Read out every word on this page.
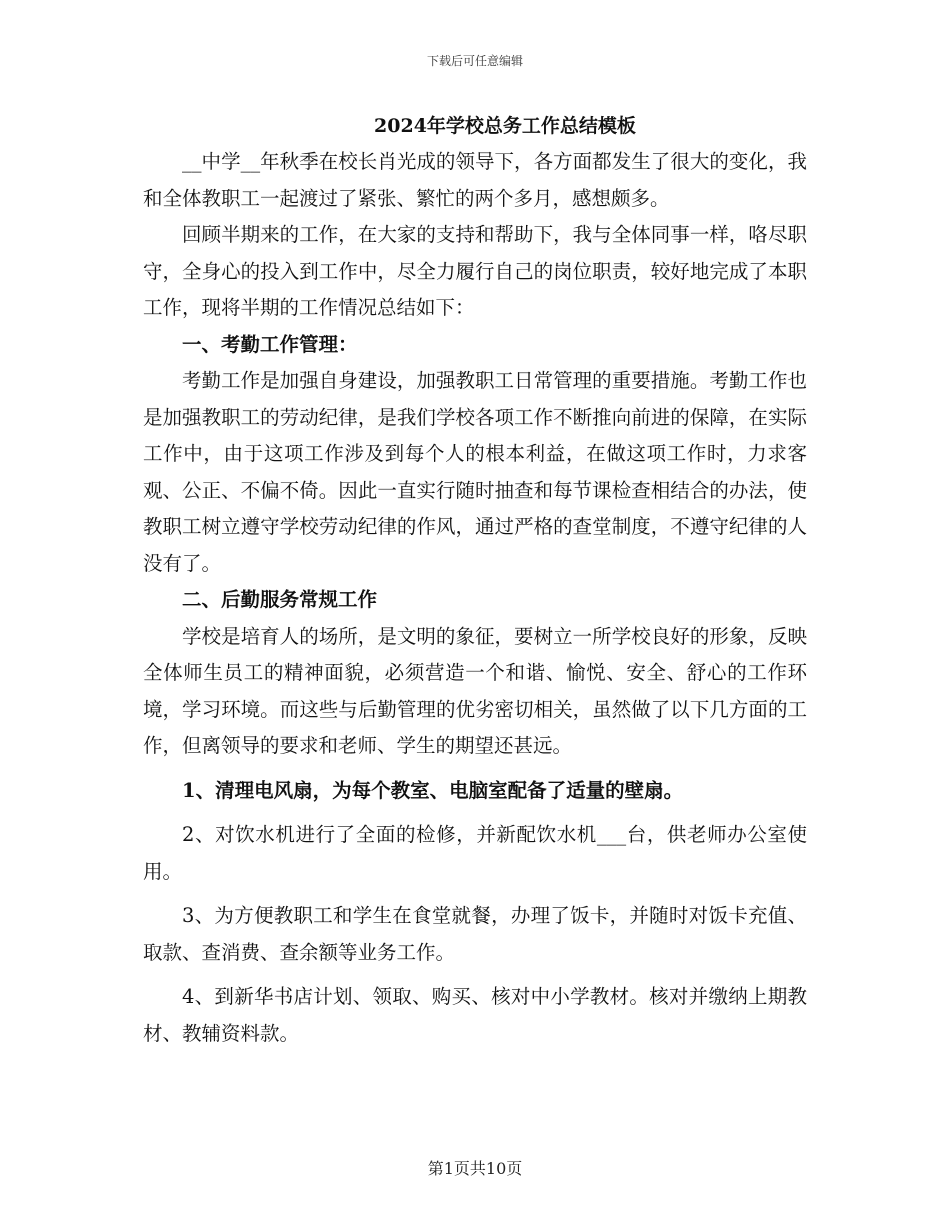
下载后可任意编辑

2024年学校总务工作总结模板

__中学__年秋季在校长肖光成的领导下，各方面都发生了很大的变化，我和全体教职工一起渡过了紧张、繁忙的两个多月，感想颇多。

回顾半期来的工作，在大家的支持和帮助下，我与全体同事一样，咯尽职守，全身心的投入到工作中，尽全力履行自己的岗位职责，较好地完成了本职工作，现将半期的工作情况总结如下：

一、考勤工作管理：

考勤工作是加强自身建设，加强教职工日常管理的重要措施。考勤工作也是加强教职工的劳动纪律，是我们学校各项工作不断推向前进的保障，在实际工作中，由于这项工作涉及到每个人的根本利益，在做这项工作时，力求客观、公正、不偏不倚。因此一直实行随时抽查和每节课检查相结合的办法，使教职工树立遵守学校劳动纪律的作风，通过严格的查堂制度，不遵守纪律的人没有了。

二、后勤服务常规工作

学校是培育人的场所，是文明的象征，要树立一所学校良好的形象，反映全体师生员工的精神面貌，必须营造一个和谐、愉悦、安全、舒心的工作环境，学习环境。而这些与后勤管理的优劣密切相关，虽然做了以下几方面的工作，但离领导的要求和老师、学生的期望还甚远。

1、清理电风扇，为每个教室、电脑室配备了适量的壁扇。

2、对饮水机进行了全面的检修，并新配饮水机___台，供老师办公室使用。

3、为方便教职工和学生在食堂就餐，办理了饭卡，并随时对饭卡充值、取款、查消费、查余额等业务工作。

4、到新华书店计划、领取、购买、核对中小学教材。核对并缴纳上期教材、教辅资料款。

第1页共10页
